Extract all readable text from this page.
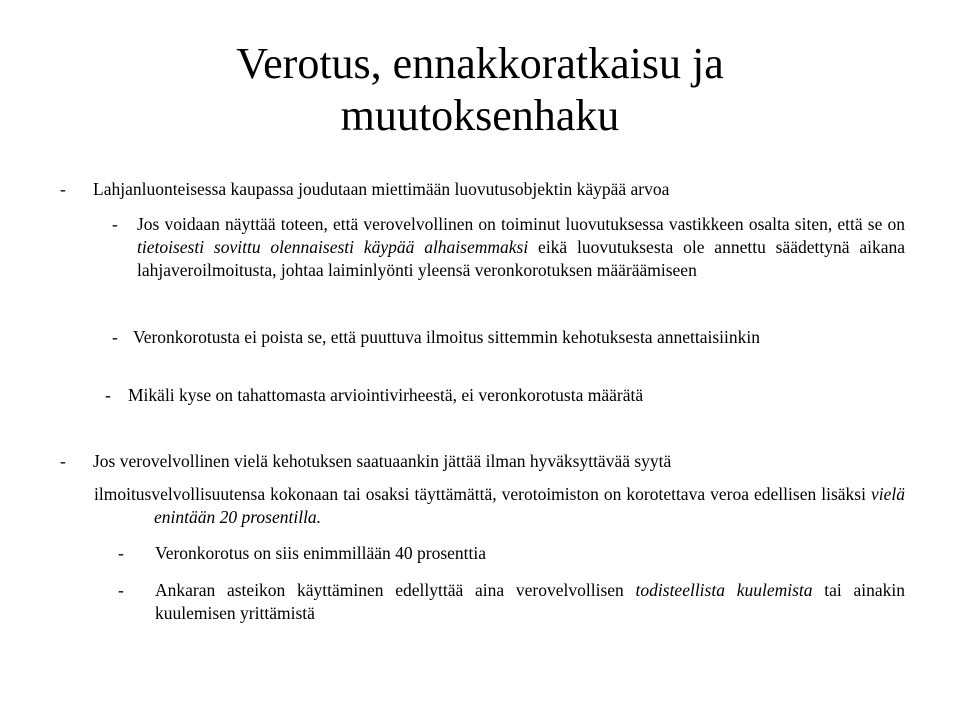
Verotus, ennakkoratkaisu ja muutoksenhaku
- Lahjanluonteisessa kaupassa joudutaan miettimään luovutusobjektin käypää arvoa
- Jos voidaan näyttää toteen, että verovelvollinen on toiminut luovutuksessa vastikkeen osalta siten, että se on tietoisesti sovittu olennaisesti käypää alhaisemmaksi eikä luovutuksesta ole annettu säädettynä aikana lahjaveroilmoitusta, johtaa laiminlyönti yleensä veronkorotuksen määräämiseen
- Veronkorotusta ei poista se, että puuttuva ilmoitus sittemmin kehotuksesta annettaisiinkin
- Mikäli kyse on tahattomasta arviointivirheestä, ei veronkorotusta määrätä
- Jos verovelvollinen vielä kehotuksen saatuaankin jättää ilman hyväksyttävää syytä
ilmoitusvelvollisuutensa kokonaan tai osaksi täyttämättä, verotoimiston on korotettava veroa edellisen lisäksi vielä enintään 20 prosentilla.
- Veronkorotus on siis enimmillään 40 prosenttia
- Ankaran asteikon käyttäminen edellyttää aina verovelvollisen todisteellista kuulemista tai ainakin kuulemisen yrittämistä
